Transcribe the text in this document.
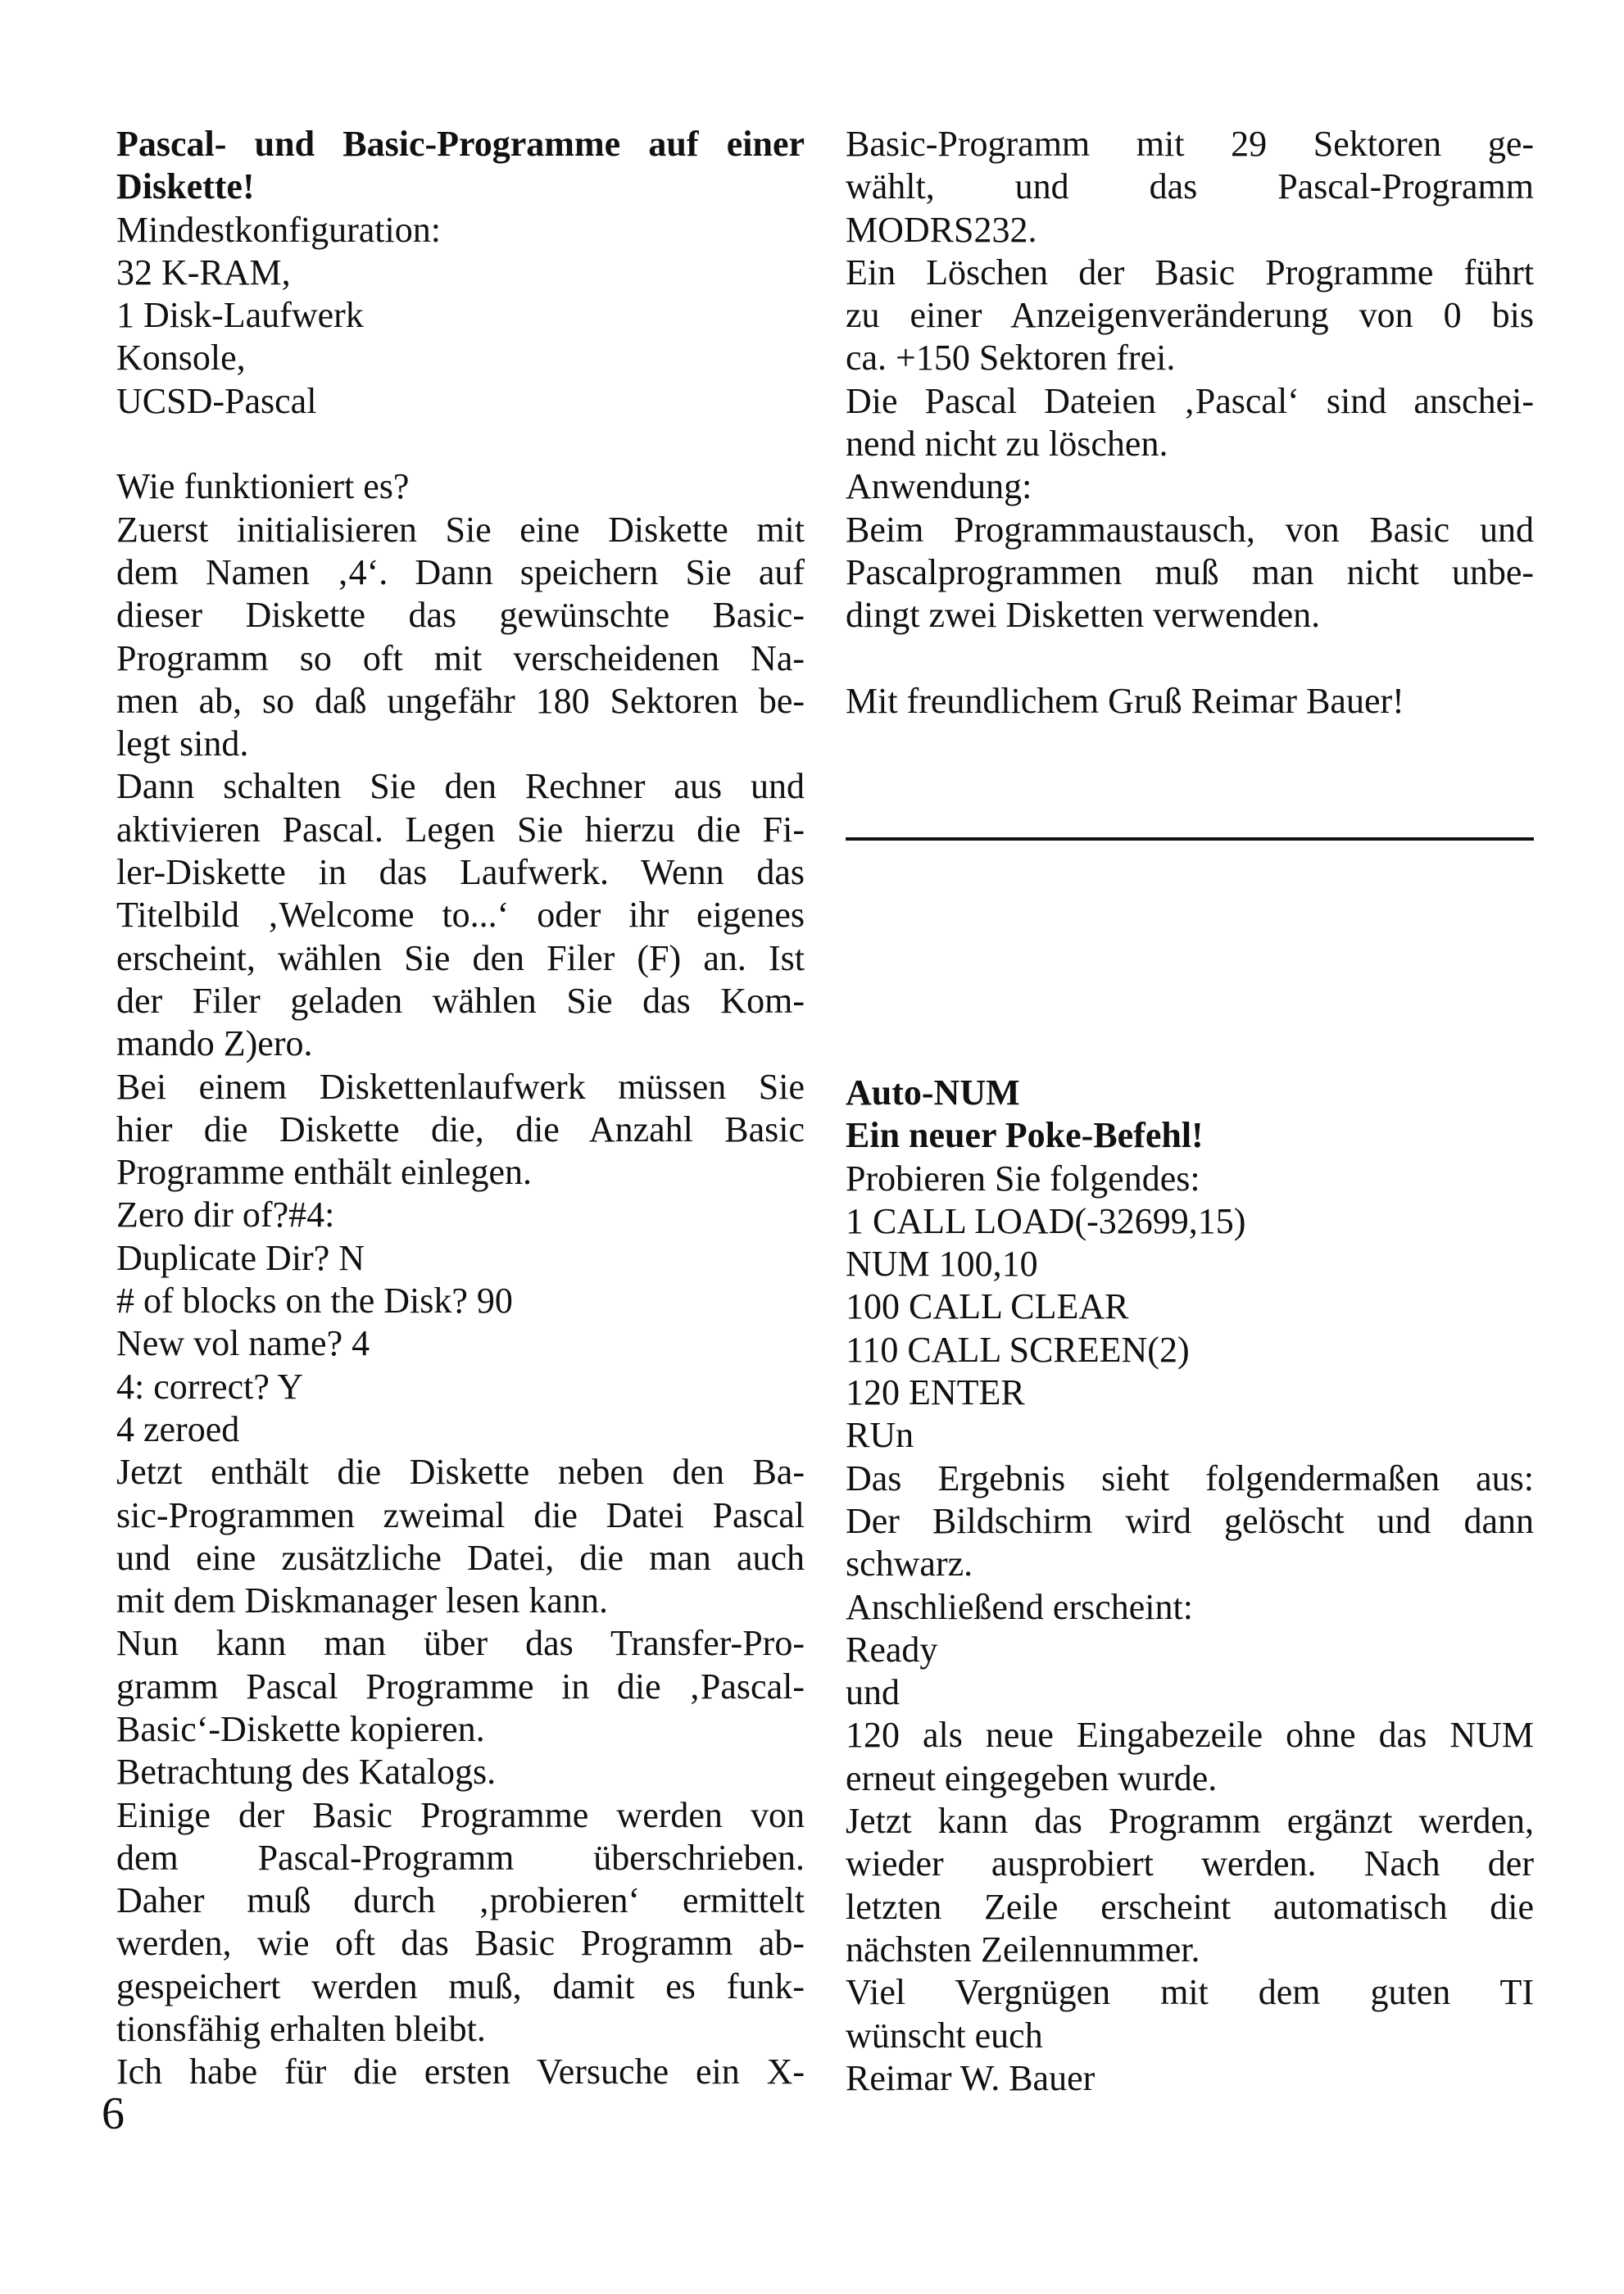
Pascal- und Basic-Programme auf einer
Diskette!
Mindestkonfiguration:
32 K-RAM,
1 Disk-Laufwerk
Konsole,
UCSD-Pascal
Wie funktioniert es?
Zuerst initialisieren Sie eine Diskette mit
dem Namen ‚4‘. Dann speichern Sie auf
dieser Diskette das gewünschte Basic-
Programm so oft mit verscheidenen Na-
men ab, so daß ungefähr 180 Sektoren be-
legt sind.
Dann schalten Sie den Rechner aus und
aktivieren Pascal. Legen Sie hierzu die Fi-
ler-Diskette in das Laufwerk. Wenn das
Titelbild ‚Welcome to...‘ oder ihr eigenes
erscheint, wählen Sie den Filer (F) an. Ist
der Filer geladen wählen Sie das Kom-
mando Z)ero.
Bei einem Diskettenlaufwerk müssen Sie
hier die Diskette die, die Anzahl Basic
Programme enthält einlegen.
Zero dir of?#4:
Duplicate Dir? N
# of blocks on the Disk? 90
New vol name? 4
4: correct? Y
4 zeroed
Jetzt enthält die Diskette neben den Ba-
sic-Programmen zweimal die Datei Pascal
und eine zusätzliche Datei, die man auch
mit dem Diskmanager lesen kann.
Nun kann man über das Transfer-Pro-
gramm Pascal Programme in die ‚Pascal-
Basic‘-Diskette kopieren.
Betrachtung des Katalogs.
Einige der Basic Programme werden von
dem Pascal-Programm überschrieben.
Daher muß durch ‚probieren‘ ermittelt
werden, wie oft das Basic Programm ab-
gespeichert werden muß, damit es funk-
tionsfähig erhalten bleibt.
Ich habe für die ersten Versuche ein X-
Basic-Programm mit 29 Sektoren ge-
wählt, und das Pascal-Programm
MODRS232.
Ein Löschen der Basic Programme führt
zu einer Anzeigenveränderung von 0 bis
ca. +150 Sektoren frei.
Die Pascal Dateien ‚Pascal‘ sind anschei-
nend nicht zu löschen.
Anwendung:
Beim Programmaustausch, von Basic und
Pascalprogrammen muß man nicht unbe-
dingt zwei Disketten verwenden.
Mit freundlichem Gruß Reimar Bauer!
Auto-NUM
Ein neuer Poke-Befehl!
Probieren Sie folgendes:
1 CALL LOAD(-32699,15)
NUM 100,10
100 CALL CLEAR
110 CALL SCREEN(2)
120 ENTER
RUn
Das Ergebnis sieht folgendermaßen aus:
Der Bildschirm wird gelöscht und dann
schwarz.
Anschließend erscheint:
Ready
und
120 als neue Eingabezeile ohne das NUM
erneut eingegeben wurde.
Jetzt kann das Programm ergänzt werden,
wieder ausprobiert werden. Nach der
letzten Zeile erscheint automatisch die
nächsten Zeilennummer.
Viel Vergnügen mit dem guten TI
wünscht euch
Reimar W. Bauer
6
